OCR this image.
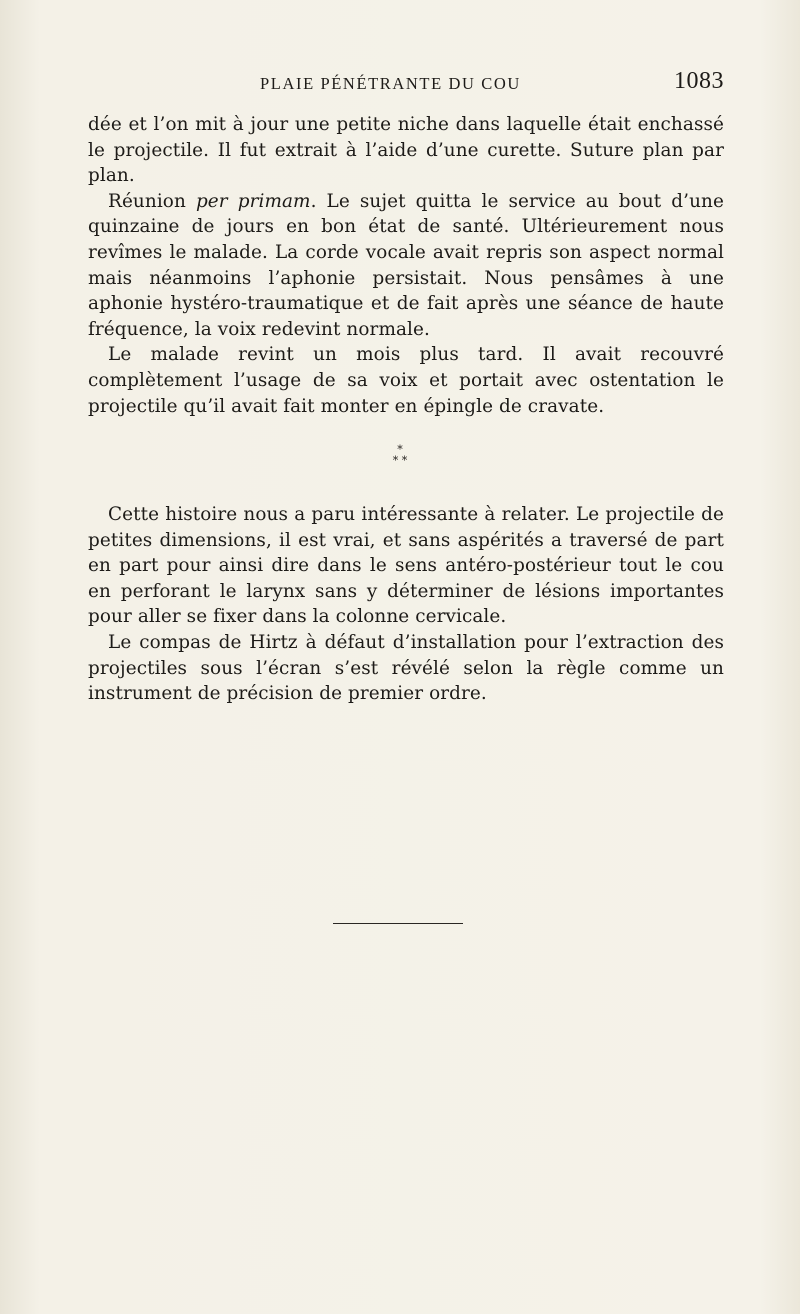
PLAIE PÉNÉTRANTE DU COU	1083

dée et l’on mit à jour une petite niche dans laquelle était enchassé le projectile. Il fut extrait à l’aide d’une curette. Suture plan par plan.

Réunion per primam. Le sujet quitta le service au bout d’une quinzaine de jours en bon état de santé. Ultérieurement nous revîmes le malade. La corde vocale avait repris son aspect normal mais néanmoins l’aphonie persistait. Nous pensâmes à une aphonie hystéro-traumatique et de fait après une séance de haute fréquence, la voix redevint normale.

Le malade revint un mois plus tard. Il avait recouvré complètement l’usage de sa voix et portait avec ostentation le projectile qu’il avait fait monter en épingle de cravate.

*
* *

Cette histoire nous a paru intéressante à relater. Le projectile de petites dimensions, il est vrai, et sans aspérités a traversé de part en part pour ainsi dire dans le sens antéro-postérieur tout le cou en perforant le larynx sans y déterminer de lésions importantes pour aller se fixer dans la colonne cervicale.

Le compas de Hirtz à défaut d’installation pour l’extraction des projectiles sous l’écran s’est révélé selon la règle comme un instrument de précision de premier ordre.
